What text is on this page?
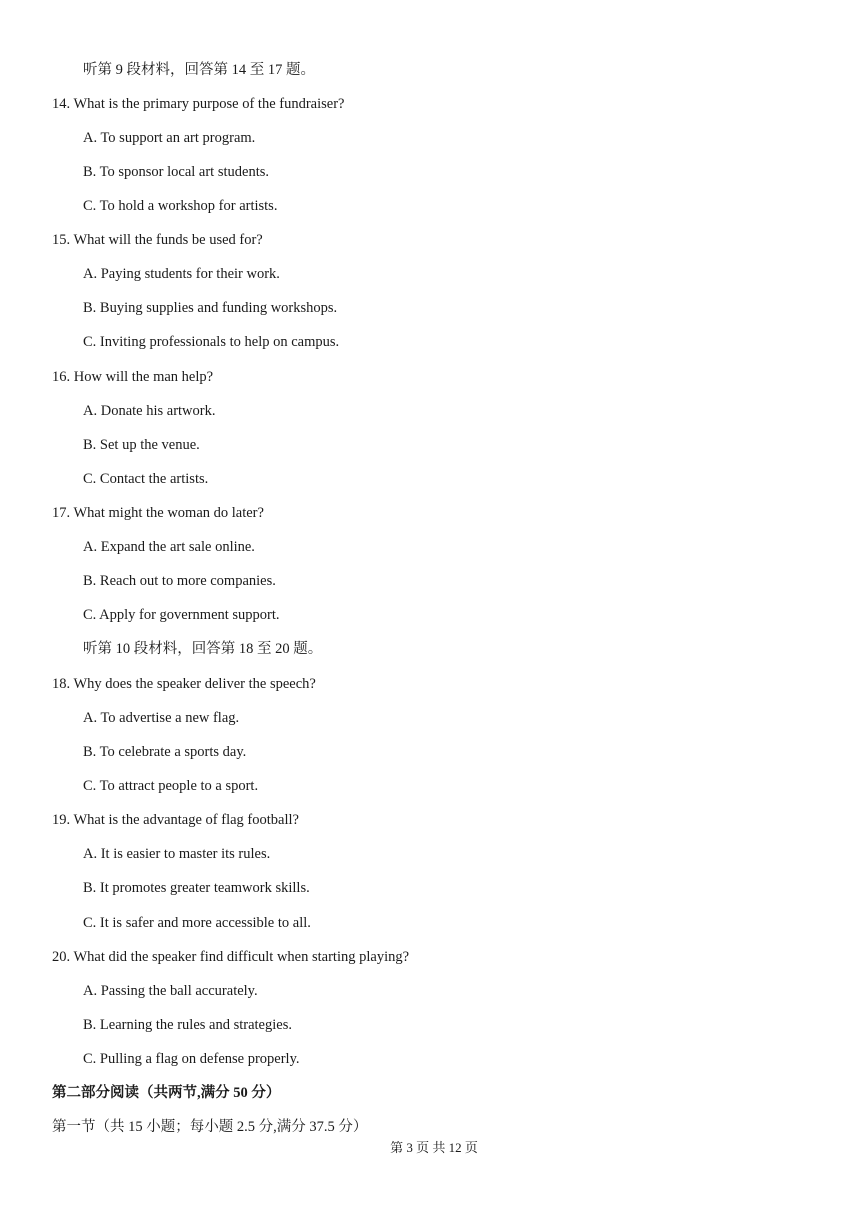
听第 9 段材料，回答第 14 至 17 题。
14. What is the primary purpose of the fundraiser?
A. To support an art program.
B. To sponsor local art students.
C. To hold a workshop for artists.
15. What will the funds be used for?
A. Paying students for their work.
B. Buying supplies and funding workshops.
C. Inviting professionals to help on campus.
16. How will the man help?
A. Donate his artwork.
B. Set up the venue.
C. Contact the artists.
17. What might the woman do later?
A. Expand the art sale online.
B. Reach out to more companies.
C. Apply for government support.
听第 10 段材料，回答第 18 至 20 题。
18. Why does the speaker deliver the speech?
A. To advertise a new flag.
B. To celebrate a sports day.
C. To attract people to a sport.
19. What is the advantage of flag football?
A. It is easier to master its rules.
B. It promotes greater teamwork skills.
C. It is safer and more accessible to all.
20. What did the speaker find difficult when starting playing?
A. Passing the ball accurately.
B. Learning the rules and strategies.
C. Pulling a flag on defense properly.
第二部分阅读（共两节,满分 50 分）
第一节（共 15 小题；每小题 2.5 分,满分 37.5 分）
第 3 页 共 12 页
